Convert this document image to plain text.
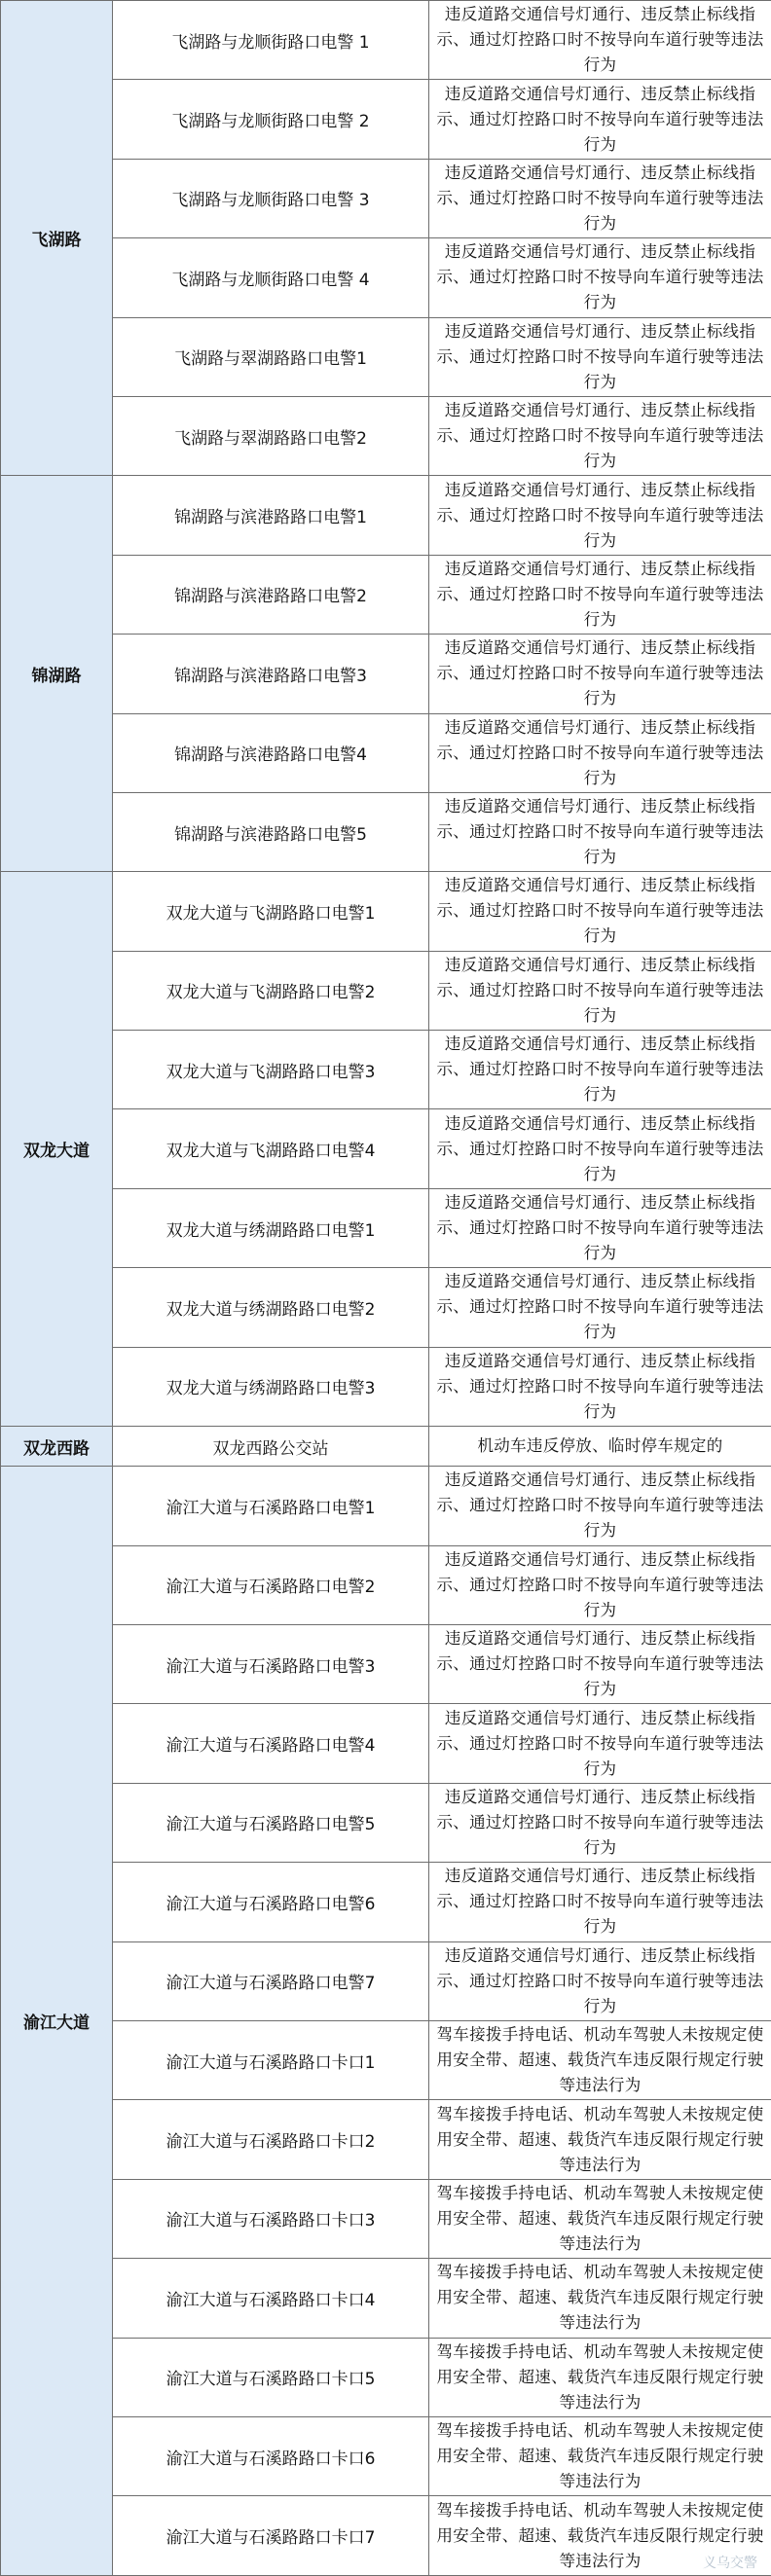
飞湖路	飞湖路与龙顺街路口电警 1	违反道路交通信号灯通行、违反禁止标线指示、通过灯控路口时不按导向车道行驶等违法行为
	飞湖路与龙顺街路口电警 2	违反道路交通信号灯通行、违反禁止标线指示、通过灯控路口时不按导向车道行驶等违法行为
	飞湖路与龙顺街路口电警 3	违反道路交通信号灯通行、违反禁止标线指示、通过灯控路口时不按导向车道行驶等违法行为
	飞湖路与龙顺街路口电警 4	违反道路交通信号灯通行、违反禁止标线指示、通过灯控路口时不按导向车道行驶等违法行为
	飞湖路与翠湖路路口电警1	违反道路交通信号灯通行、违反禁止标线指示、通过灯控路口时不按导向车道行驶等违法行为
	飞湖路与翠湖路路口电警2	违反道路交通信号灯通行、违反禁止标线指示、通过灯控路口时不按导向车道行驶等违法行为
锦湖路	锦湖路与滨港路路口电警1	违反道路交通信号灯通行、违反禁止标线指示、通过灯控路口时不按导向车道行驶等违法行为
	锦湖路与滨港路路口电警2	违反道路交通信号灯通行、违反禁止标线指示、通过灯控路口时不按导向车道行驶等违法行为
	锦湖路与滨港路路口电警3	违反道路交通信号灯通行、违反禁止标线指示、通过灯控路口时不按导向车道行驶等违法行为
	锦湖路与滨港路路口电警4	违反道路交通信号灯通行、违反禁止标线指示、通过灯控路口时不按导向车道行驶等违法行为
	锦湖路与滨港路路口电警5	违反道路交通信号灯通行、违反禁止标线指示、通过灯控路口时不按导向车道行驶等违法行为
双龙大道	双龙大道与飞湖路路口电警1	违反道路交通信号灯通行、违反禁止标线指示、通过灯控路口时不按导向车道行驶等违法行为
	双龙大道与飞湖路路口电警2	违反道路交通信号灯通行、违反禁止标线指示、通过灯控路口时不按导向车道行驶等违法行为
	双龙大道与飞湖路路口电警3	违反道路交通信号灯通行、违反禁止标线指示、通过灯控路口时不按导向车道行驶等违法行为
	双龙大道与飞湖路路口电警4	违反道路交通信号灯通行、违反禁止标线指示、通过灯控路口时不按导向车道行驶等违法行为
	双龙大道与绣湖路路口电警1	违反道路交通信号灯通行、违反禁止标线指示、通过灯控路口时不按导向车道行驶等违法行为
	双龙大道与绣湖路路口电警2	违反道路交通信号灯通行、违反禁止标线指示、通过灯控路口时不按导向车道行驶等违法行为
	双龙大道与绣湖路路口电警3	违反道路交通信号灯通行、违反禁止标线指示、通过灯控路口时不按导向车道行驶等违法行为
双龙西路	双龙西路公交站	机动车违反停放、临时停车规定的
渝江大道	渝江大道与石溪路路口电警1	违反道路交通信号灯通行、违反禁止标线指示、通过灯控路口时不按导向车道行驶等违法行为
	渝江大道与石溪路路口电警2	违反道路交通信号灯通行、违反禁止标线指示、通过灯控路口时不按导向车道行驶等违法行为
	渝江大道与石溪路路口电警3	违反道路交通信号灯通行、违反禁止标线指示、通过灯控路口时不按导向车道行驶等违法行为
	渝江大道与石溪路路口电警4	违反道路交通信号灯通行、违反禁止标线指示、通过灯控路口时不按导向车道行驶等违法行为
	渝江大道与石溪路路口电警5	违反道路交通信号灯通行、违反禁止标线指示、通过灯控路口时不按导向车道行驶等违法行为
	渝江大道与石溪路路口电警6	违反道路交通信号灯通行、违反禁止标线指示、通过灯控路口时不按导向车道行驶等违法行为
	渝江大道与石溪路路口电警7	违反道路交通信号灯通行、违反禁止标线指示、通过灯控路口时不按导向车道行驶等违法行为
	渝江大道与石溪路路口卡口1	驾车接拨手持电话、机动车驾驶人未按规定使用安全带、超速、载货汽车违反限行规定行驶等违法行为
	渝江大道与石溪路路口卡口2	驾车接拨手持电话、机动车驾驶人未按规定使用安全带、超速、载货汽车违反限行规定行驶等违法行为
	渝江大道与石溪路路口卡口3	驾车接拨手持电话、机动车驾驶人未按规定使用安全带、超速、载货汽车违反限行规定行驶等违法行为
	渝江大道与石溪路路口卡口4	驾车接拨手持电话、机动车驾驶人未按规定使用安全带、超速、载货汽车违反限行规定行驶等违法行为
	渝江大道与石溪路路口卡口5	驾车接拨手持电话、机动车驾驶人未按规定使用安全带、超速、载货汽车违反限行规定行驶等违法行为
	渝江大道与石溪路路口卡口6	驾车接拨手持电话、机动车驾驶人未按规定使用安全带、超速、载货汽车违反限行规定行驶等违法行为
	渝江大道与石溪路路口卡口7	驾车接拨手持电话、机动车驾驶人未按规定使用安全带、超速、载货汽车违反限行规定行驶等违法行为	义乌交警
